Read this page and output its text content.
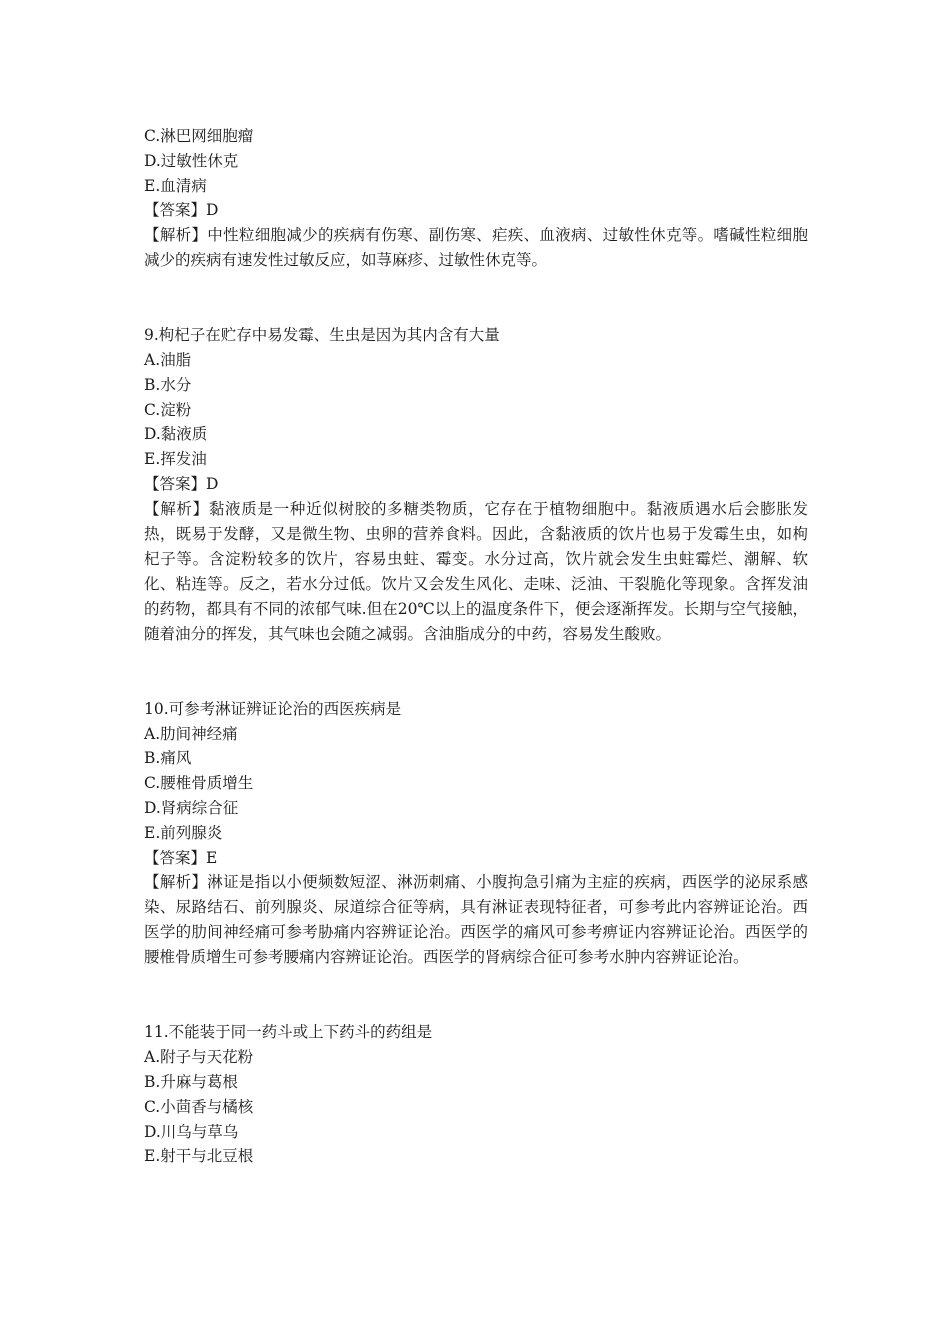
C.淋巴网细胞瘤

D.过敏性休克

E.血清病

【答案】D

【解析】中性粒细胞减少的疾病有伤寒、副伤寒、疟疾、血液病、过敏性休克等。嗜碱性粒细胞减少的疾病有速发性过敏反应，如荨麻疹、过敏性休克等。

9.枸杞子在贮存中易发霉、生虫是因为其内含有大量

A.油脂

B.水分

C.淀粉

D.黏液质

E.挥发油

【答案】D

【解析】黏液质是一种近似树胶的多糖类物质，它存在于植物细胞中。黏液质遇水后会膨胀发热，既易于发酵，又是微生物、虫卵的营养食料。因此，含黏液质的饮片也易于发霉生虫，如枸杞子等。含淀粉较多的饮片，容易虫蛀、霉变。水分过高，饮片就会发生虫蛀霉烂、潮解、软化、粘连等。反之，若水分过低。饮片又会发生风化、走味、泛油、干裂脆化等现象。含挥发油的药物，都具有不同的浓郁气味.但在20℃以上的温度条件下，便会逐渐挥发。长期与空气接触，随着油分的挥发，其气味也会随之减弱。含油脂成分的中药，容易发生酸败。

10.可参考淋证辨证论治的西医疾病是

A.肋间神经痛

B.痛风

C.腰椎骨质增生

D.肾病综合征

E.前列腺炎

【答案】E

【解析】淋证是指以小便频数短涩、淋沥刺痛、小腹拘急引痛为主症的疾病，西医学的泌尿系感染、尿路结石、前列腺炎、尿道综合征等病，具有淋证表现特征者，可参考此内容辨证论治。西医学的肋间神经痛可参考胁痛内容辨证论治。西医学的痛风可参考痹证内容辨证论治。西医学的腰椎骨质增生可参考腰痛内容辨证论治。西医学的肾病综合征可参考水肿内容辨证论治。

11.不能装于同一药斗或上下药斗的药组是

A.附子与天花粉

B.升麻与葛根

C.小茴香与橘核

D.川乌与草乌

E.射干与北豆根
